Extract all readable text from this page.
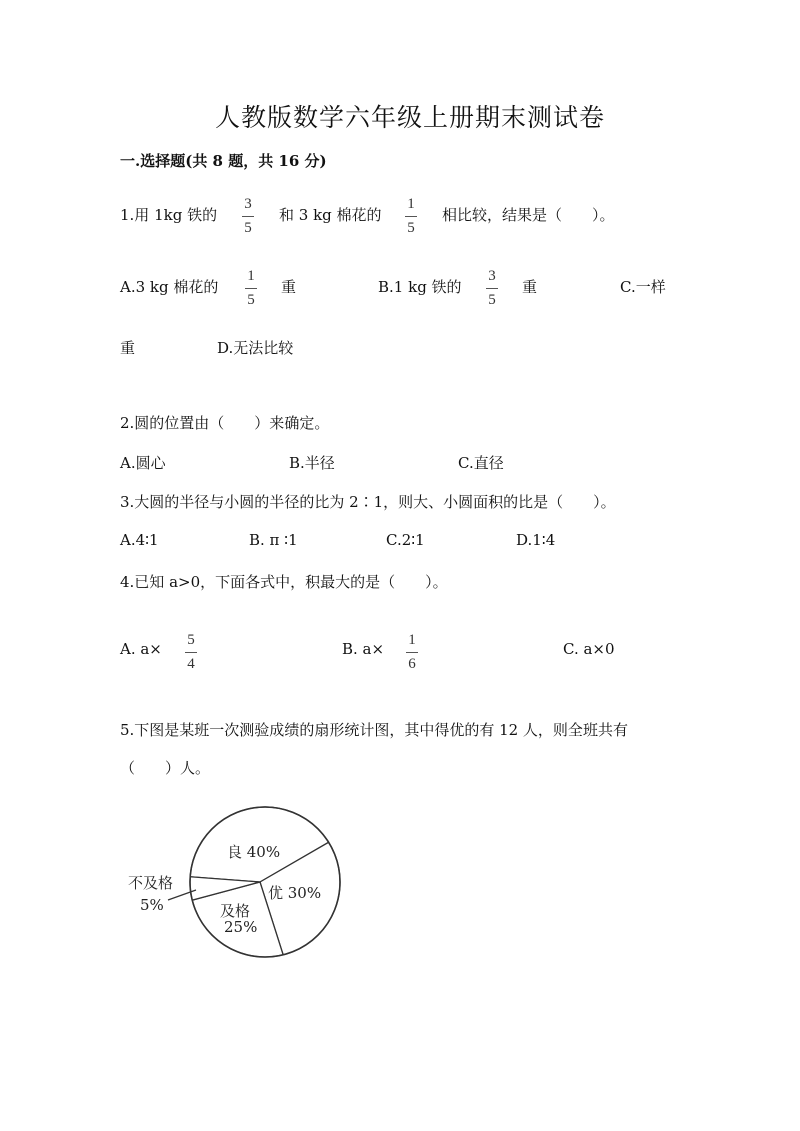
人教版数学六年级上册期末测试卷
一.选择题(共 8 题，共 16 分)
1.用 1kg 铁的
3
5
和 3 kg 棉花的
1
5
相比较，结果是（　　）。
A.3 kg 棉花的
1
5
重	B.1 kg 铁的
3
5
重	C.一样
重	D.无法比较
2.圆的位置由（　　）来确定。
A.圆心	B.半径	C.直径
3.大圆的半径与小圆的半径的比为 2∶1，则大、小圆面积的比是（　　）。
A.4∶1	B. π ∶1	C.2∶1	D.1∶4
4.已知 a>0，下面各式中，积最大的是（　　）。
A. a× 5
4
B. a× 1
6
C. a×0
5.下图是某班一次测验成绩的扇形统计图，其中得优的有 12 人，则全班共有
（　　）人。
良 40%
优 30%
及格
25%
不及格
5%
